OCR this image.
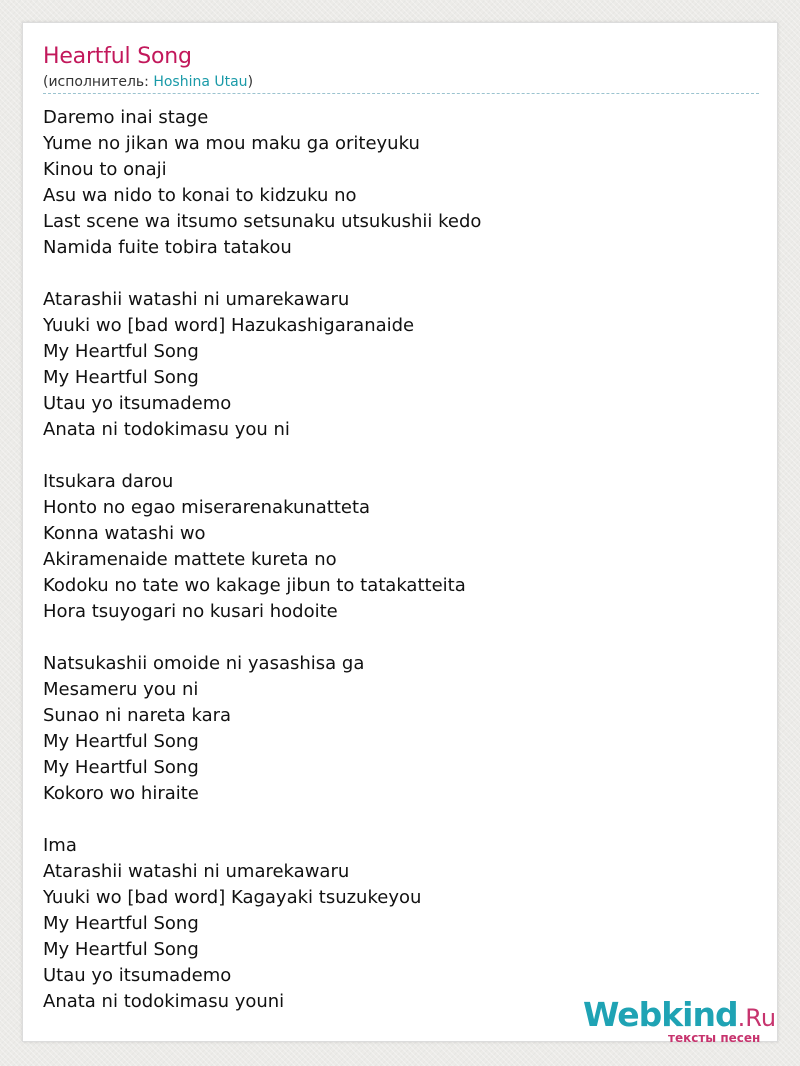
Heartful Song
(исполнитель: Hoshina Utau)
Daremo inai stage
Yume no jikan wa mou maku ga oriteyuku
Kinou to onaji
Asu wa nido to konai to kidzuku no
Last scene wa itsumo setsunaku utsukushii kedo
Namida fuite tobira tatakou
Atarashii watashi ni umarekawaru
Yuuki wo [bad word] Hazukashigaranaide
My Heartful Song
My Heartful Song
Utau yo itsumademo
Anata ni todokimasu you ni
Itsukara darou
Honto no egao miserarenakunatteta
Konna watashi wo
Akiramenaide mattete kureta no
Kodoku no tate wo kakage jibun to tatakatteita
Hora tsuyogari no kusari hodoite
Natsukashii omoide ni yasashisa ga
Mesameru you ni
Sunao ni nareta kara
My Heartful Song
My Heartful Song
Kokoro wo hiraite
Ima
Atarashii watashi ni umarekawaru
Yuuki wo [bad word] Kagayaki tsuzukeyou
My Heartful Song
My Heartful Song
Utau yo itsumademo
Anata ni todokimasu youni	Webkind.Ru
тексты песен
